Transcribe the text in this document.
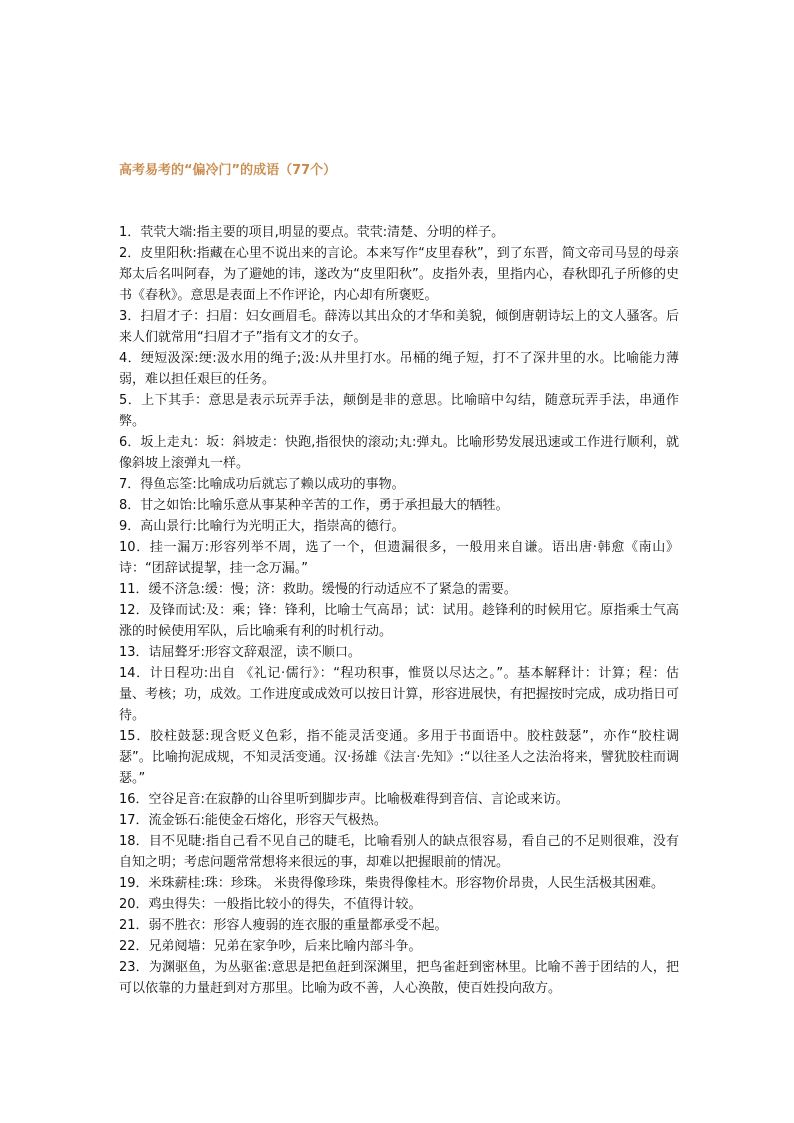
高考易考的“偏冷门”的成语（77个）

1．茕茕大端:指主要的项目,明显的要点。茕茕:清楚、分明的样子。

2．皮里阳秋:指藏在心里不说出来的言论。本来写作“皮里春秋”，到了东晋，简文帝司马昱的母亲郑太后名叫阿春，为了避她的讳，遂改为“皮里阳秋”。皮指外表，里指内心，春秋即孔子所修的史书《春秋》。意思是表面上不作评论，内心却有所褒贬。

3．扫眉才子：扫眉：妇女画眉毛。薛涛以其出众的才华和美貌，倾倒唐朝诗坛上的文人骚客。后来人们就常用“扫眉才子”指有文才的女子。

4．绠短汲深:绠:汲水用的绳子;汲:从井里打水。吊桶的绳子短，打不了深井里的水。比喻能力薄弱，难以担任艰巨的任务。

5．上下其手：意思是表示玩弄手法，颠倒是非的意思。比喻暗中勾结，随意玩弄手法，串通作弊。

6．坂上走丸：坂：斜坡走：快跑,指很快的滚动;丸:弹丸。比喻形势发展迅速或工作进行顺利，就像斜坡上滚弹丸一样。

7．得鱼忘筌:比喻成功后就忘了赖以成功的事物。

8．甘之如饴:比喻乐意从事某种辛苦的工作，勇于承担最大的牺牲。

9．高山景行:比喻行为光明正大，指崇高的德行。

10．挂一漏万:形容列举不周，选了一个，但遗漏很多，一般用来自谦。语出唐·韩愈《南山》诗：“团辞试提挈，挂一念万漏。”

11．缓不济急:缓：慢；济：救助。缓慢的行动适应不了紧急的需要。

12．及锋而试:及：乘；锋：锋利，比喻士气高昂；试：试用。趁锋利的时候用它。原指乘士气高涨的时候使用军队，后比喻乘有利的时机行动。

13．诘屈聱牙:形容文辞艰涩，读不顺口。

14．计日程功:出自 《礼记·儒行》：“程功积事，惟贤以尽达之。”。基本解释计：计算；程：估量、考核；功，成效。工作进度或成效可以按日计算，形容进展快，有把握按时完成，成功指日可待。

15．胶柱鼓瑟:现含贬义色彩，指不能灵活变通。多用于书面语中。胶柱鼓瑟”，亦作“胶柱调瑟”。比喻拘泥成规，不知灵活变通。汉·扬雄《法言·先知》:“以往圣人之法治将来，譬犹胶柱而调瑟。”

16．空谷足音:在寂静的山谷里听到脚步声。比喻极难得到音信、言论或来访。

17．流金铄石:能使金石熔化，形容天气极热。

18．目不见睫:指自己看不见自己的睫毛，比喻看别人的缺点很容易，看自己的不足则很难，没有自知之明；考虑问题常常想将来很远的事，却难以把握眼前的情况。

19．米珠薪桂:珠：珍珠。 米贵得像珍珠，柴贵得像桂木。形容物价昂贵，人民生活极其困难。

20．鸡虫得失：一般指比较小的得失，不值得计较。

21．弱不胜衣：形容人瘦弱的连衣服的重量都承受不起。

22．兄弟阋墙：兄弟在家争吵，后来比喻内部斗争。

23．为渊驱鱼，为丛驱雀:意思是把鱼赶到深渊里，把鸟雀赶到密林里。比喻不善于团结的人，把可以依靠的力量赶到对方那里。比喻为政不善，人心涣散，使百姓投向敌方。
